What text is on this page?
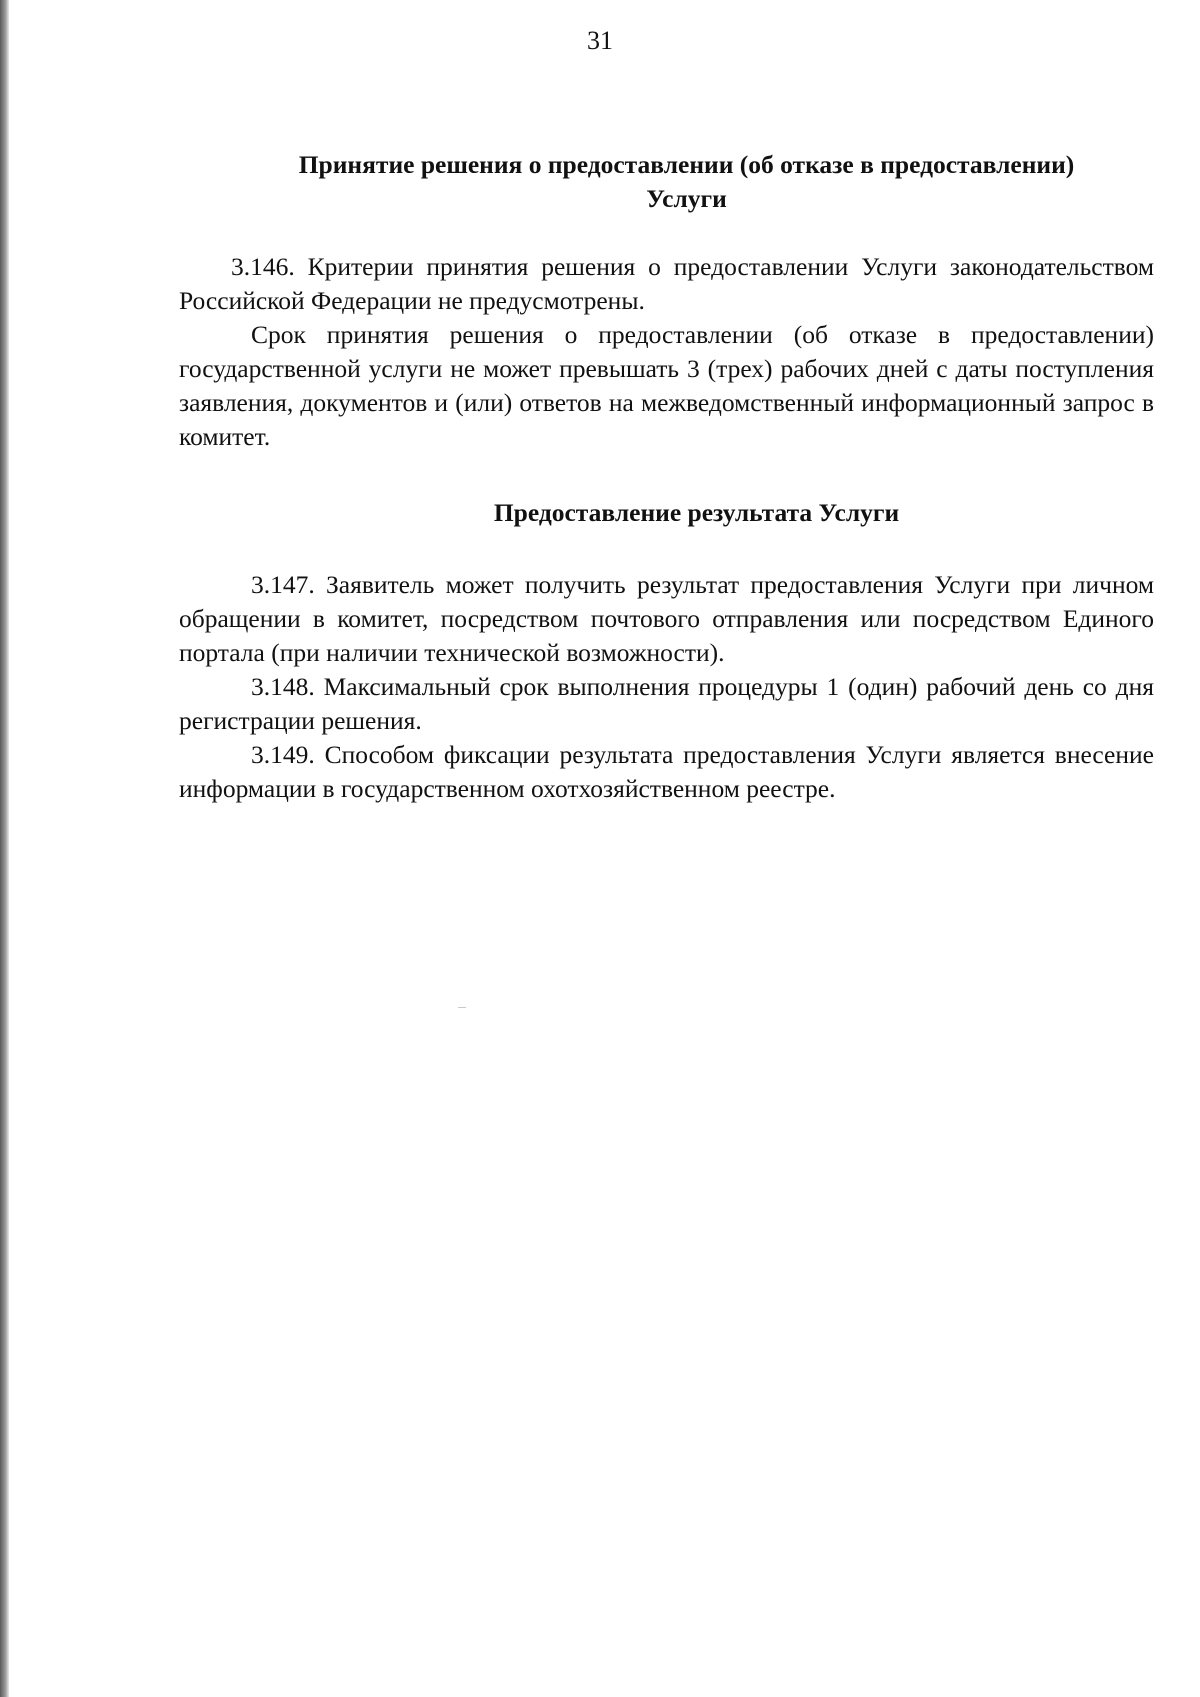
31
Принятие решения о предоставлении (об отказе в предоставлении)
Услуги

3.146. Критерии принятия решения о предоставлении Услуги законодательством Российской Федерации не предусмотрены.

Срок принятия решения о предоставлении (об отказе в предоставлении) государственной услуги не может превышать 3 (трех) рабочих дней с даты поступления заявления, документов и (или) ответов на межведомственный информационный запрос в комитет.

Предоставление результата Услуги

3.147. Заявитель может получить результат предоставления Услуги при личном обращении в комитет, посредством почтового отправления или посредством Единого портала (при наличии технической возможности).

3.148. Максимальный срок выполнения процедуры 1 (один) рабочий день со дня регистрации решения.

3.149. Способом фиксации результата предоставления Услуги является внесение информации в государственном охотхозяйственном реестре.
